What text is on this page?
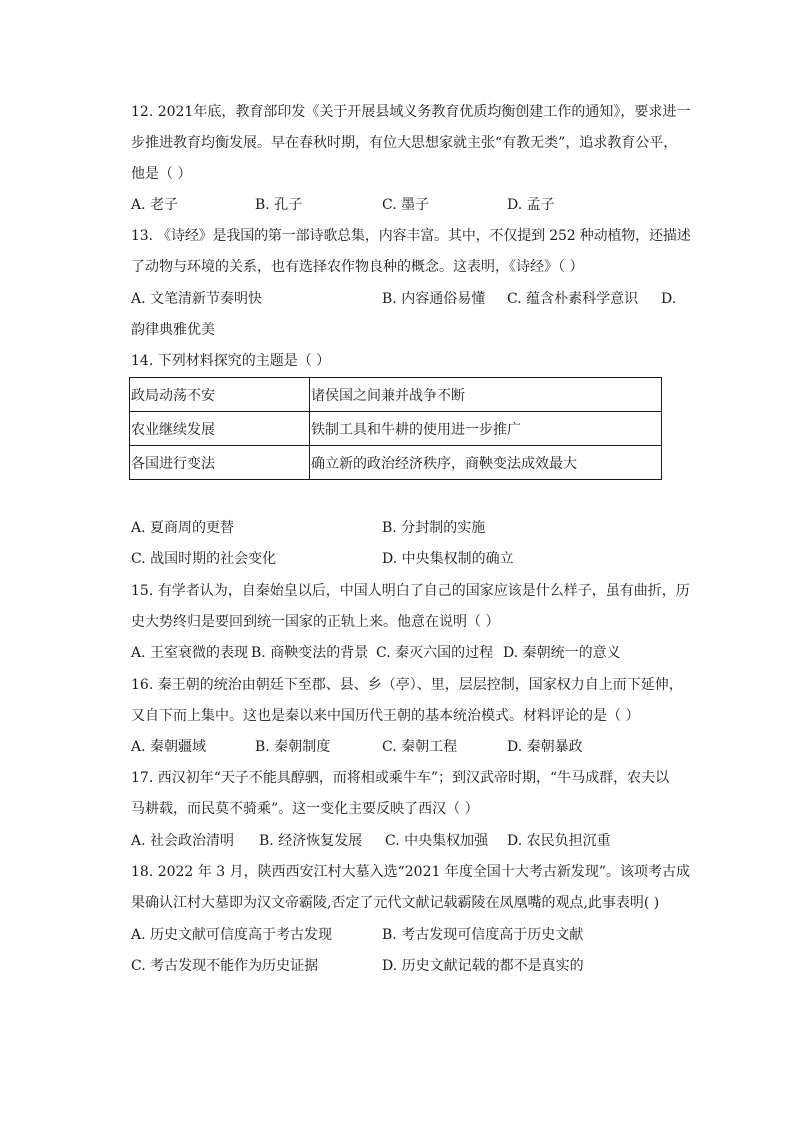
12. 2021年底，教育部印发《关于开展县域义务教育优质均衡创建工作的通知》，要求进一
步推进教育均衡发展。早在春秋时期，有位大思想家就主张“有教无类”，追求教育公平，
他是（ ）
A. 老子	B. 孔子	C. 墨子	D. 孟子
13. 《诗经》是我国的第一部诗歌总集，内容丰富。其中，不仅提到 252 种动植物，还描述
了动物与环境的关系，也有选择农作物良种的概念。这表明，《诗经》（ ）
A. 文笔清新节奏明快	B. 内容通俗易懂 C. 蕴含朴素科学意识 D.
韵律典雅优美
14. 下列材料探究的主题是（ ）
政局动荡不安	诸侯国之间兼并战争不断
农业继续发展	铁制工具和牛耕的使用进一步推广
各国进行变法	确立新的政治经济秩序，商鞅变法成效最大
A. 夏商周的更替	B. 分封制的实施
C. 战国时期的社会变化	D. 中央集权制的确立
15. 有学者认为，自秦始皇以后，中国人明白了自己的国家应该是什么样子，虽有曲折，历
史大势终归是要回到统一国家的正轨上来。他意在说明（ ）
A. 王室衰微的表现 B. 商鞅变法的背景 C. 秦灭六国的过程 D. 秦朝统一的意义
16. 秦王朝的统治由朝廷下至郡、县、乡（亭）、里，层层控制，国家权力自上而下延伸，
又自下而上集中。这也是秦以来中国历代王朝的基本统治模式。材料评论的是（ ）
A. 秦朝疆域	B. 秦朝制度	C. 秦朝工程	D. 秦朝暴政
17. 西汉初年“天子不能具醇驷，而将相或乘牛车”；到汉武帝时期，“牛马成群，农夫以
马耕载，而民莫不骑乘”。这一变化主要反映了西汉（ ）
A. 社会政治清明 B. 经济恢复发展 C. 中央集权加强 D. 农民负担沉重
18. 2022 年 3 月，陕西西安江村大墓入选“2021 年度全国十大考古新发现”。该项考古成
果确认江村大墓即为汉文帝霸陵,否定了元代文献记载霸陵在凤凰嘴的观点,此事表明( )
A. 历史文献可信度高于考古发现	B. 考古发现可信度高于历史文献
C. 考古发现不能作为历史证据	D. 历史文献记载的都不是真实的
